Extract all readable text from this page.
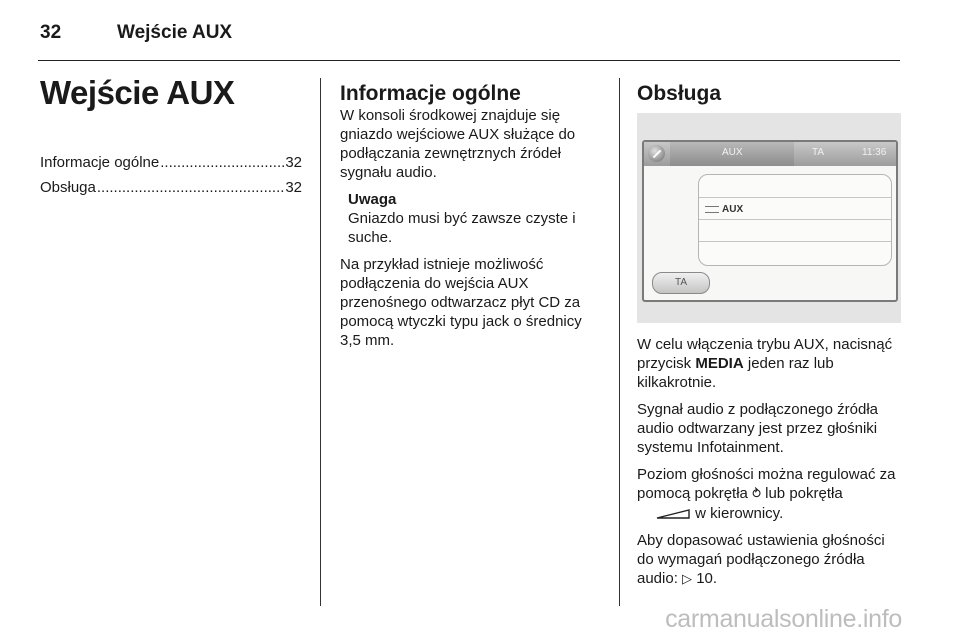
32	Wejście AUX
Wejście AUX
Informacje ogólne .....	32
Obsługa .....	32
Informacje ogólne

W konsoli środkowej znajduje się gniazdo wejściowe AUX służące do podłączania zewnętrznych źródeł sygnału audio.

Uwaga
Gniazdo musi być zawsze czyste i suche.

Na przykład istnieje możliwość podłączenia do wejścia AUX przenośnego odtwarzacz płyt CD za pomocą wtyczki typu jack o średnicy 3,5 mm.

Obsługa
AUX	TA	11:36
AUX
TA

W celu włączenia trybu AUX, nacisnąć przycisk MEDIA jeden raz lub kilkakrotnie.

Sygnał audio z podłączonego źródła audio odtwarzany jest przez głośniki systemu Infotainment.

Poziom głośności można regulować za pomocą pokrętła ⥁ lub pokrętła
w kierownicy.

Aby dopasować ustawienia głośności do wymagań podłączonego źródła audio: ▷ 10.

carmanualsonline.info
